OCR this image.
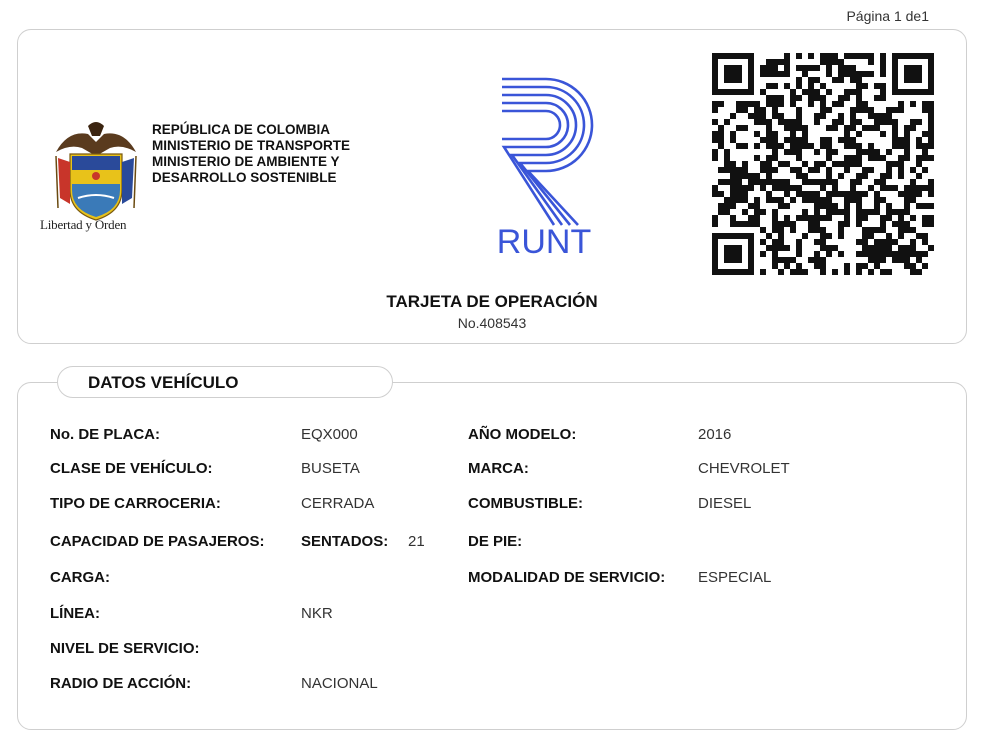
Página 1 de1
Libertad y Orden
REPÚBLICA DE COLOMBIA
MINISTERIO DE TRANSPORTE
MINISTERIO DE AMBIENTE Y
DESARROLLO SOSTENIBLE
RUNT
TARJETA DE OPERACIÓN
No.408543
No. DE PLACA:	EQX000	AÑO MODELO:	2016
CLASE DE VEHÍCULO:	BUSETA	MARCA:	CHEVROLET
TIPO DE CARROCERIA:	CERRADA	COMBUSTIBLE:	DIESEL
CAPACIDAD DE PASAJEROS: SENTADOS: 21	DE PIE:
CARGA:	MODALIDAD DE SERVICIO: ESPECIAL
LÍNEA:	NKR
NIVEL DE SERVICIO:
RADIO DE ACCIÓN:	NACIONAL
DATOS VEHÍCULO
